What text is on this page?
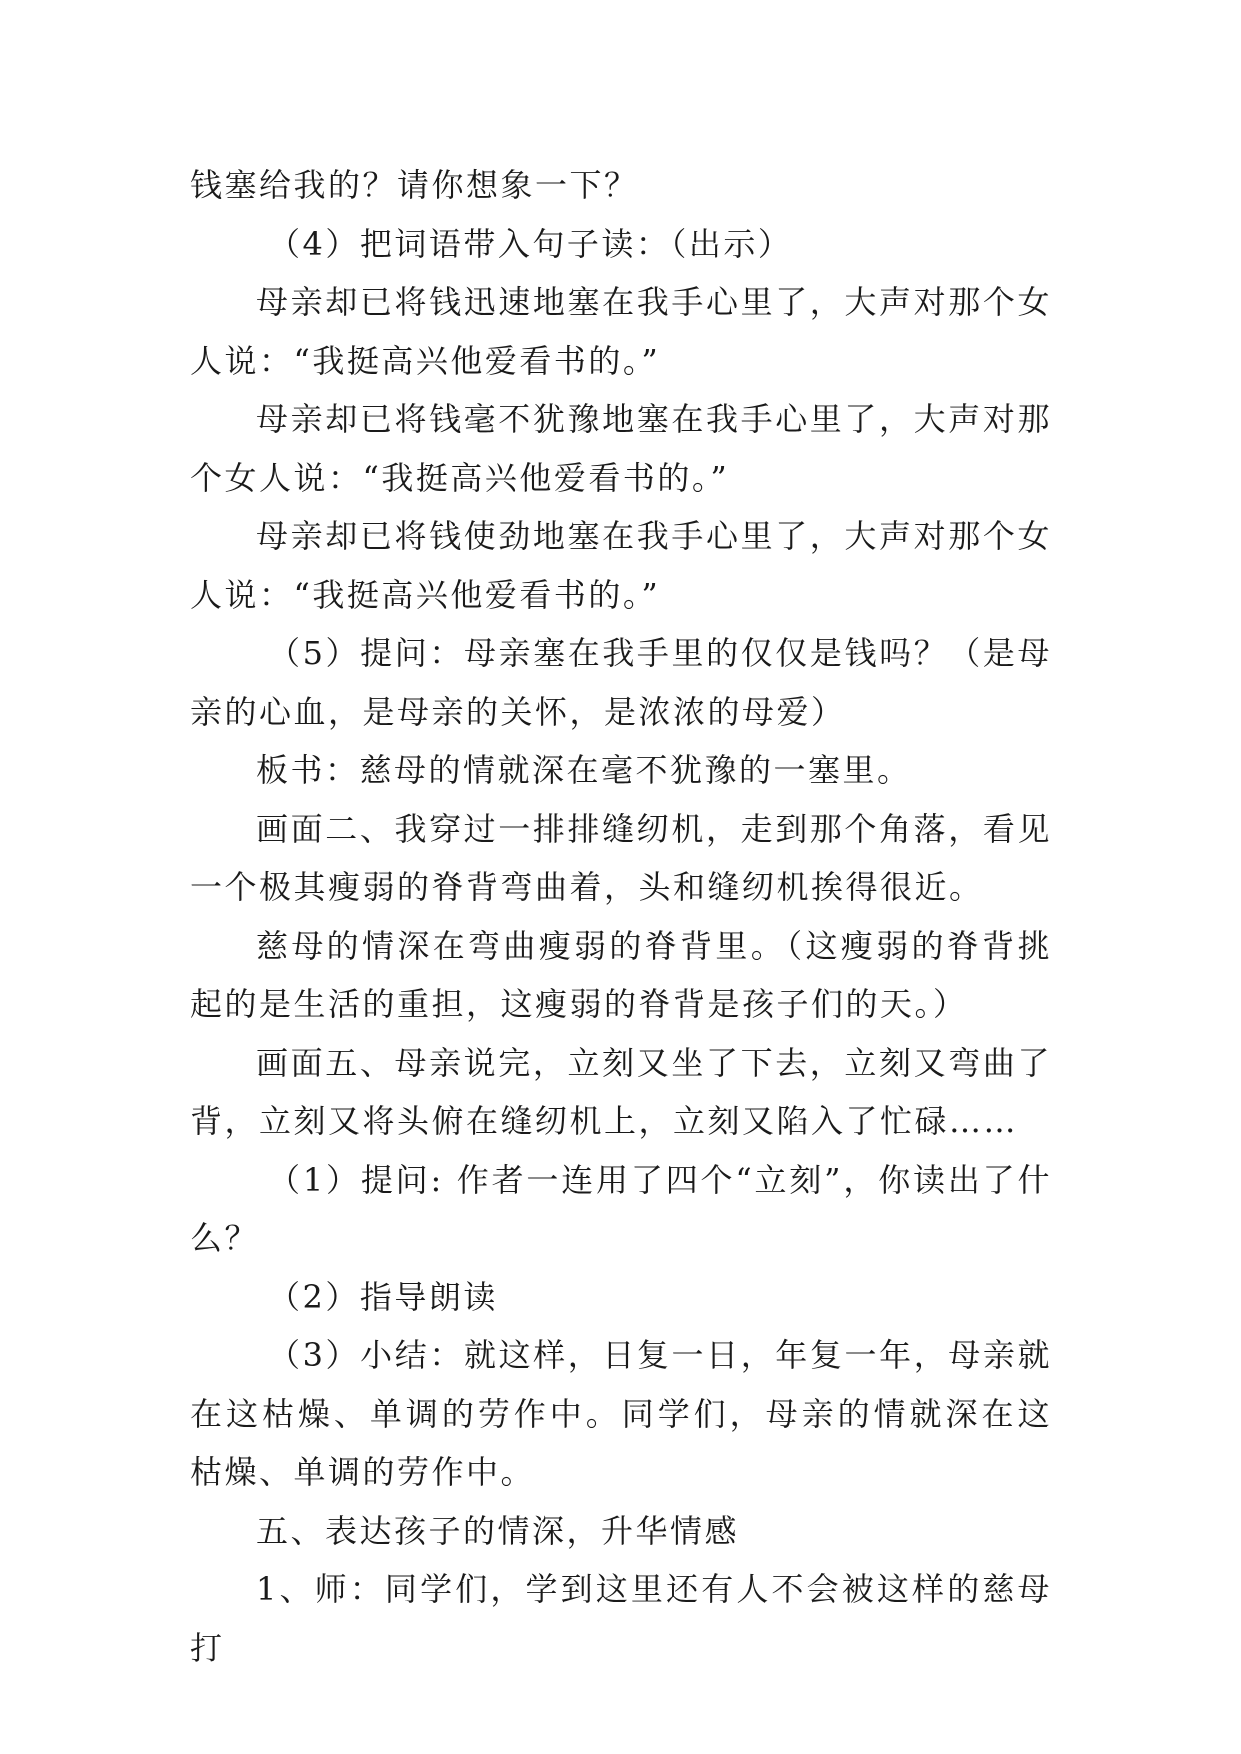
钱塞给我的？请你想象一下？

（4）把词语带入句子读：（出示）

母亲却已将钱迅速地塞在我手心里了，大声对那个女人说：“我挺高兴他爱看书的。”

母亲却已将钱毫不犹豫地塞在我手心里了，大声对那个女人说：“我挺高兴他爱看书的。”

母亲却已将钱使劲地塞在我手心里了，大声对那个女人说：“我挺高兴他爱看书的。”

（5）提问：母亲塞在我手里的仅仅是钱吗？（是母亲的心血，是母亲的关怀，是浓浓的母爱）

板书：慈母的情就深在毫不犹豫的一塞里。

画面二、我穿过一排排缝纫机，走到那个角落，看见一个极其瘦弱的脊背弯曲着，头和缝纫机挨得很近。

慈母的情深在弯曲瘦弱的脊背里。（这瘦弱的脊背挑起的是生活的重担，这瘦弱的脊背是孩子们的天。）

画面五、母亲说完，立刻又坐了下去，立刻又弯曲了背，立刻又将头俯在缝纫机上，立刻又陷入了忙碌……

（1）提问: 作者一连用了四个“立刻”，你读出了什么？

（2）指导朗读

（3）小结：就这样，日复一日，年复一年，母亲就在这枯燥、单调的劳作中。同学们，母亲的情就深在这枯燥、单调的劳作中。

五、表达孩子的情深，升华情感

1、师：同学们，学到这里还有人不会被这样的慈母打
